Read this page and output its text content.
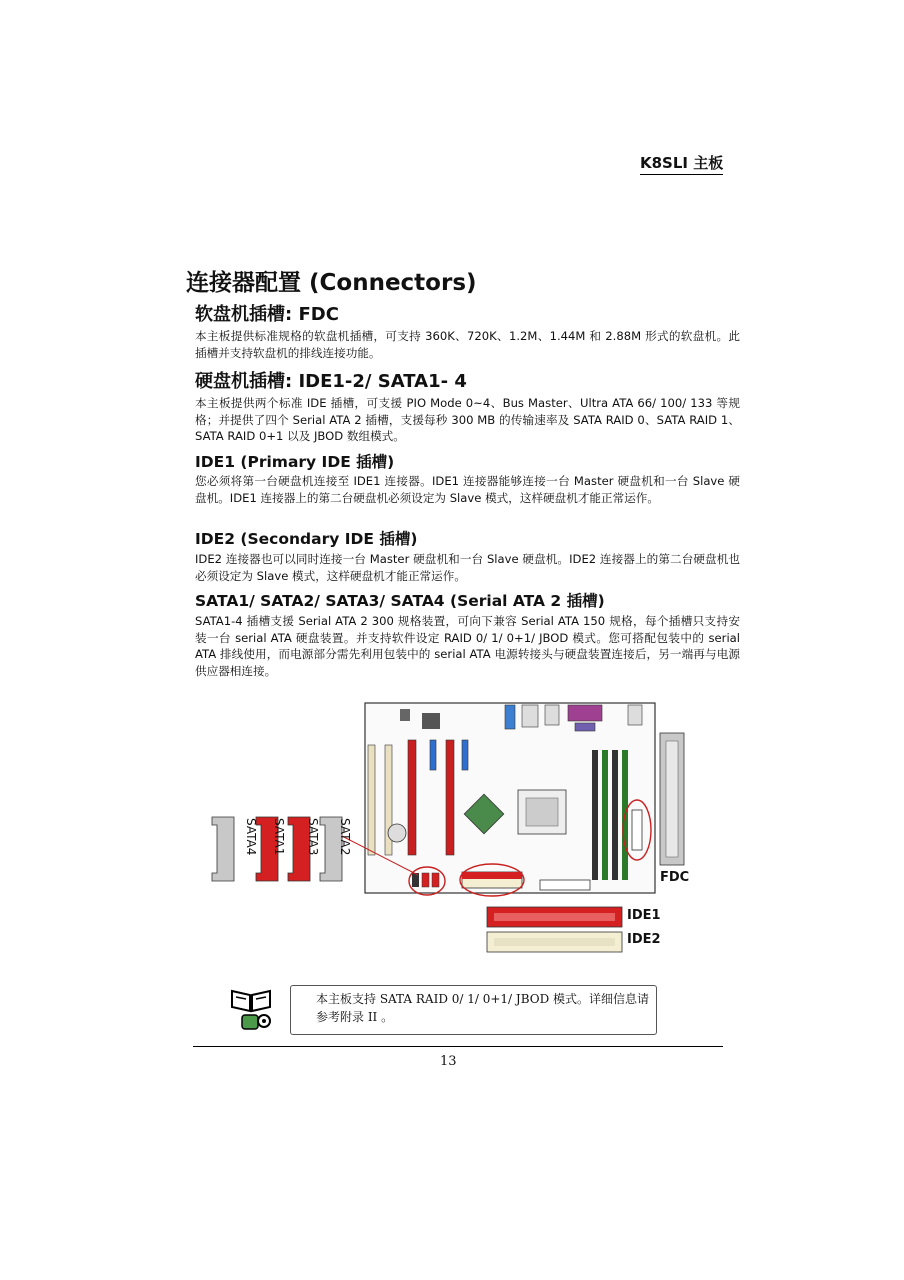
K8SLI 主板
连接器配置 (Connectors)
软盘机插槽: FDC
本主板提供标准规格的软盘机插槽，可支持 360K、720K、1.2M、1.44M 和 2.88M 形式的软盘机。此插槽并支持软盘机的排线连接功能。
硬盘机插槽: IDE1-2/ SATA1- 4
本主板提供两个标准 IDE 插槽，可支援 PIO Mode 0~4、Bus Master、Ultra ATA 66/ 100/ 133 等规格；并提供了四个 Serial ATA 2 插槽，支援每秒 300 MB 的传输速率及 SATA RAID 0、SATA RAID 1、SATA RAID 0+1 以及 JBOD 数组模式。
IDE1 (Primary IDE 插槽)
您必须将第一台硬盘机连接至 IDE1 连接器。IDE1 连接器能够连接一台 Master 硬盘机和一台 Slave 硬盘机。IDE1 连接器上的第二台硬盘机必须设定为 Slave 模式，这样硬盘机才能正常运作。
IDE2 (Secondary IDE 插槽)
IDE2 连接器也可以同时连接一台 Master 硬盘机和一台 Slave 硬盘机。IDE2 连接器上的第二台硬盘机也必须设定为 Slave 模式，这样硬盘机才能正常运作。
SATA1/ SATA2/ SATA3/ SATA4 (Serial ATA 2 插槽)
SATA1-4 插槽支援 Serial ATA 2 300 规格装置，可向下兼容 Serial ATA 150 规格，每个插槽只支持安装一台 serial ATA 硬盘装置。并支持软件设定 RAID 0/ 1/ 0+1/ JBOD 模式。您可搭配包装中的 serial ATA 排线使用，而电源部分需先利用包装中的 serial ATA 电源转接头与硬盘装置连接后，另一端再与电源供应器相连接。
SATA4 SATA1 SATA3 SATA2
FDC
IDE1
IDE2
本主板支持 SATA RAID 0/ 1/ 0+1/ JBOD 模式。详细信息请参考附录 II 。
13
